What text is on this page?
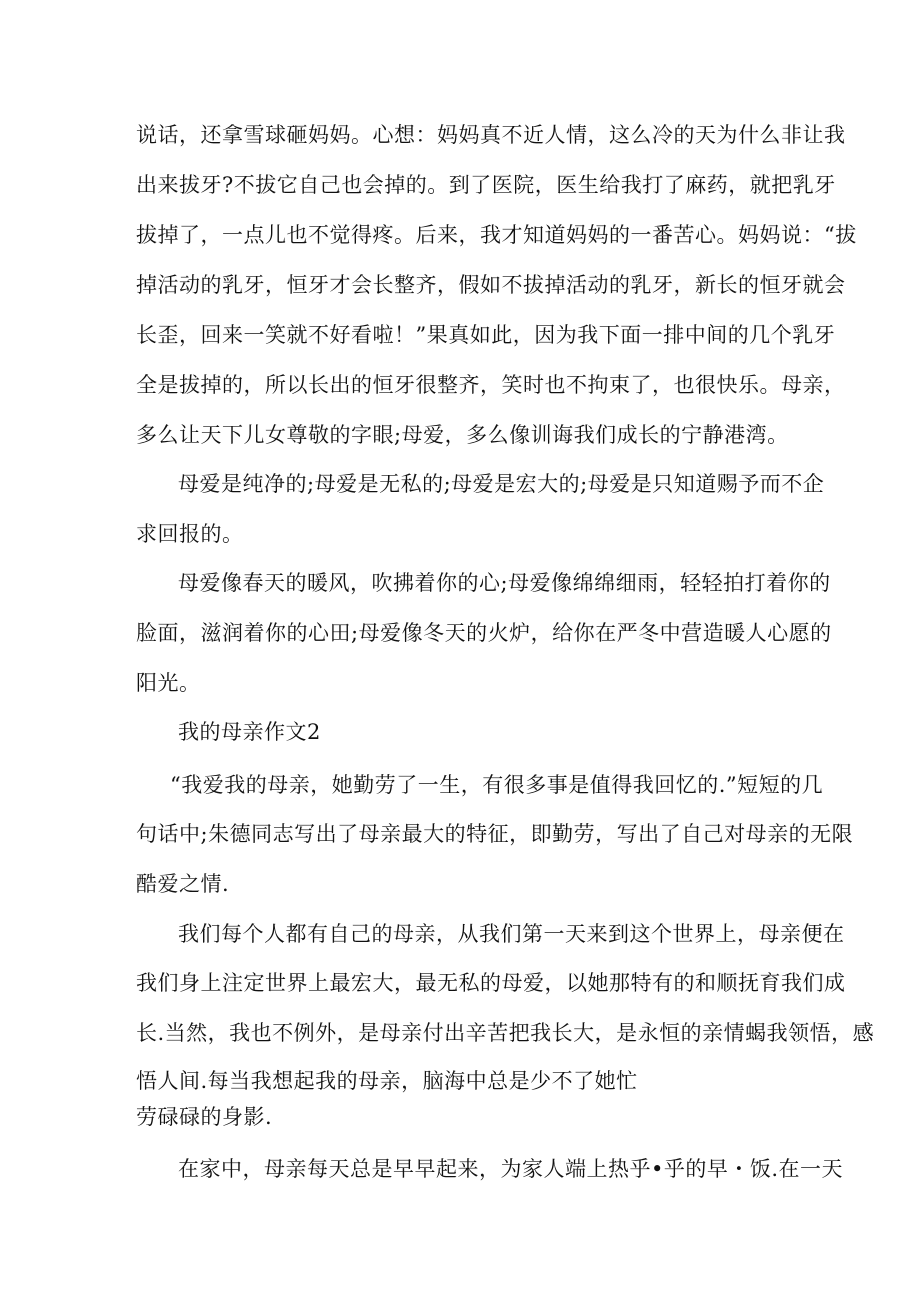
说话，还拿雪球砸妈妈。心想：妈妈真不近人情，这么冷的天为什么非让我
出来拔牙?不拔它自己也会掉的。到了医院，医生给我打了麻药，就把乳牙
拔掉了，一点儿也不觉得疼。后来，我才知道妈妈的一番苦心。妈妈说：“拔
掉活动的乳牙，恒牙才会长整齐，假如不拔掉活动的乳牙，新长的恒牙就会
长歪，回来一笑就不好看啦！”果真如此，因为我下面一排中间的几个乳牙
全是拔掉的，所以长出的恒牙很整齐，笑时也不拘束了，也很快乐。母亲，
多么让天下儿女尊敬的字眼;母爱，多么像训诲我们成长的宁静港湾。
母爱是纯净的;母爱是无私的;母爱是宏大的;母爱是只知道赐予而不企
求回报的。
母爱像春天的暖风，吹拂着你的心;母爱像绵绵细雨，轻轻拍打着你的
脸面，滋润着你的心田;母爱像冬天的火炉，给你在严冬中营造暖人心愿的
阳光。
我的母亲作文2
“我爱我的母亲，她勤劳了一生，有很多事是值得我回忆的.”短短的几
句话中;朱德同志写出了母亲最大的特征，即勤劳，写出了自己对母亲的无限
酷爱之情.
我们每个人都有自己的母亲，从我们第一天来到这个世界上，母亲便在
我们身上注定世界上最宏大，最无私的母爱，以她那特有的和顺抚育我们成
长.当然，我也不例外，是母亲付出辛苦把我长大，是永恒的亲情蝎我领悟，感
悟人间.每当我想起我的母亲，脑海中总是少不了她忙
劳碌碌的身影.
在家中，母亲每天总是早早起来，为家人端上热乎•乎的早・饭.在一天
